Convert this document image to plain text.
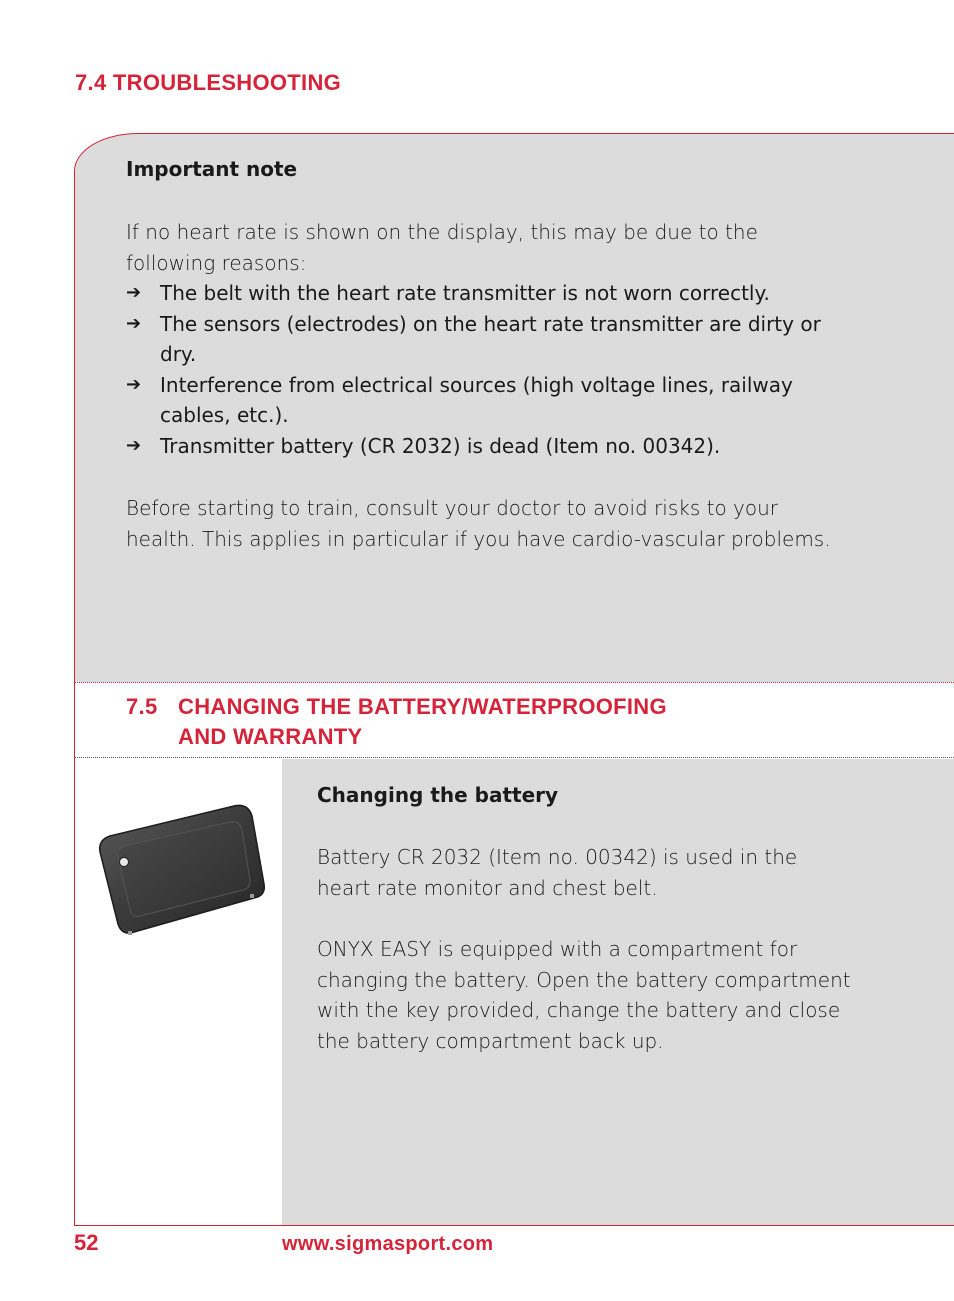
7.4 TROUBLESHOOTING
Important note
If no heart rate is shown on the display, this may be due to the following reasons:
➔ The belt with the heart rate transmitter is not worn correctly.
➔ The sensors (electrodes) on the heart rate transmitter are dirty or dry.
➔ Interference from electrical sources (high voltage lines, railway cables, etc.).
➔ Transmitter battery (CR 2032) is dead (Item no. 00342).
Before starting to train, consult your doctor to avoid risks to your health. This applies in particular if you have cardio-vascular problems.
7.5 CHANGING THE BATTERY/WATERPROOFING
AND WARRANTY
Changing the battery
Battery CR 2032 (Item no. 00342) is used in the heart rate monitor and chest belt.
ONYX EASY is equipped with a compartment for changing the battery. Open the battery compartment with the key provided, change the battery and close the battery compartment back up.
52	www.sigmasport.com
